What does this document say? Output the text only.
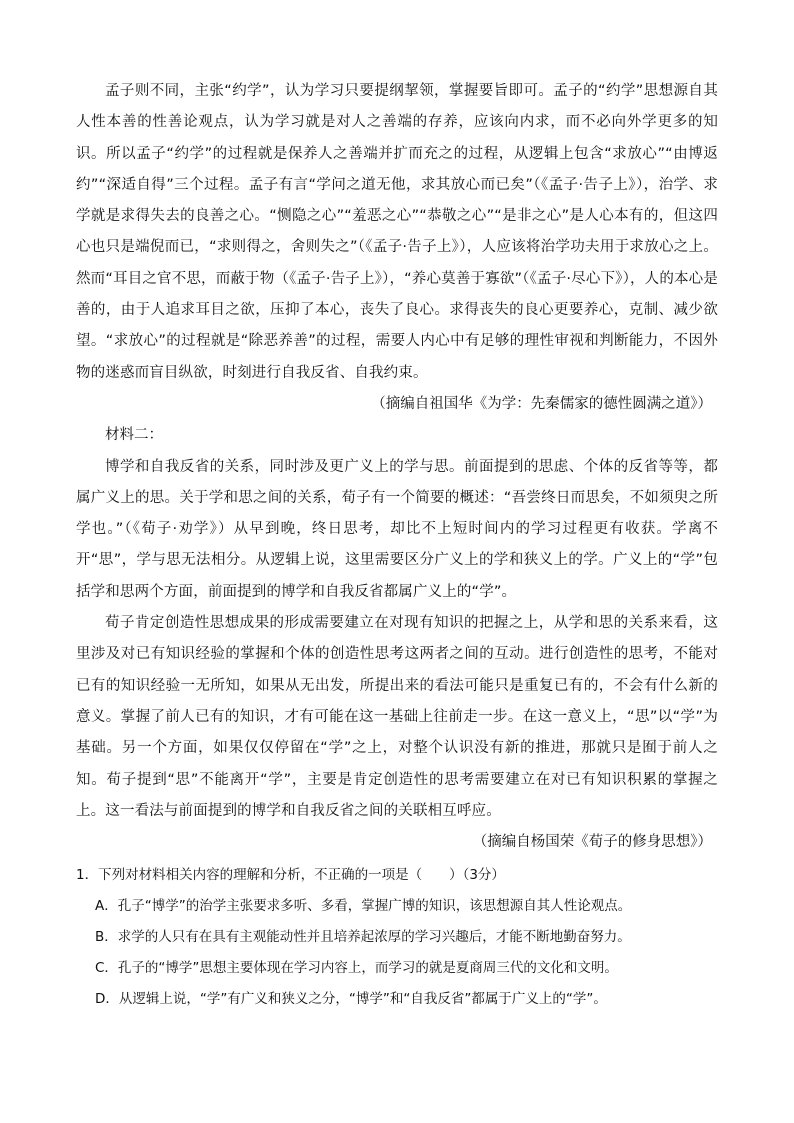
孟子则不同，主张“约学”，认为学习只要提纲挈领，掌握要旨即可。孟子的“约学”思想源自其人性本善的性善论观点，认为学习就是对人之善端的存养，应该向内求，而不必向外学更多的知识。所以孟子“约学”的过程就是保养人之善端并扩而充之的过程，从逻辑上包含“求放心”“由博返约”“深适自得”三个过程。孟子有言“学问之道无他，求其放心而已矣”（《孟子·告子上》），治学、求学就是求得失去的良善之心。“恻隐之心”“羞恶之心”“恭敬之心”“是非之心”是人心本有的，但这四心也只是端倪而已，“求则得之，舍则失之”（《孟子·告子上》），人应该将治学功夫用于求放心之上。然而“耳目之官不思，而蔽于物（《孟子·告子上》），“养心莫善于寡欲”（《孟子·尽心下》），人的本心是善的，由于人追求耳目之欲，压抑了本心，丧失了良心。求得丧失的良心更要养心，克制、减少欲望。“求放心”的过程就是“除恶养善”的过程，需要人内心中有足够的理性审视和判断能力，不因外物的迷惑而盲目纵欲，时刻进行自我反省、自我约束。

（摘编自祖国华《为学：先秦儒家的德性圆满之道》）

材料二：

博学和自我反省的关系，同时涉及更广义上的学与思。前面提到的思虑、个体的反省等等，都属广义上的思。关于学和思之间的关系，荀子有一个简要的概述：“吾尝终日而思矣，不如须臾之所学也。”（《荀子·劝学》）从早到晚，终日思考，却比不上短时间内的学习过程更有收获。学离不开“思”，学与思无法相分。从逻辑上说，这里需要区分广义上的学和狭义上的学。广义上的“学”包括学和思两个方面，前面提到的博学和自我反省都属广义上的“学”。

荀子肯定创造性思想成果的形成需要建立在对现有知识的把握之上，从学和思的关系来看，这里涉及对已有知识经验的掌握和个体的创造性思考这两者之间的互动。进行创造性的思考，不能对已有的知识经验一无所知，如果从无出发，所提出来的看法可能只是重复已有的，不会有什么新的意义。掌握了前人已有的知识，才有可能在这一基础上往前走一步。在这一意义上，“思”以“学”为基础。另一个方面，如果仅仅停留在“学”之上，对整个认识没有新的推进，那就只是囿于前人之知。荀子提到“思”不能离开“学”，主要是肯定创造性的思考需要建立在对已有知识积累的掌握之上。这一看法与前面提到的博学和自我反省之间的关联相互呼应。

（摘编自杨国荣《荀子的修身思想》）

1．下列对材料相关内容的理解和分析，不正确的一项是（　　）（3分）

A．孔子“博学”的治学主张要求多听、多看，掌握广博的知识，该思想源自其人性论观点。

B．求学的人只有在具有主观能动性并且培养起浓厚的学习兴趣后，才能不断地勤奋努力。

C．孔子的“博学”思想主要体现在学习内容上，而学习的就是夏商周三代的文化和文明。

D．从逻辑上说，“学”有广义和狭义之分，“博学”和“自我反省”都属于广义上的“学”。
